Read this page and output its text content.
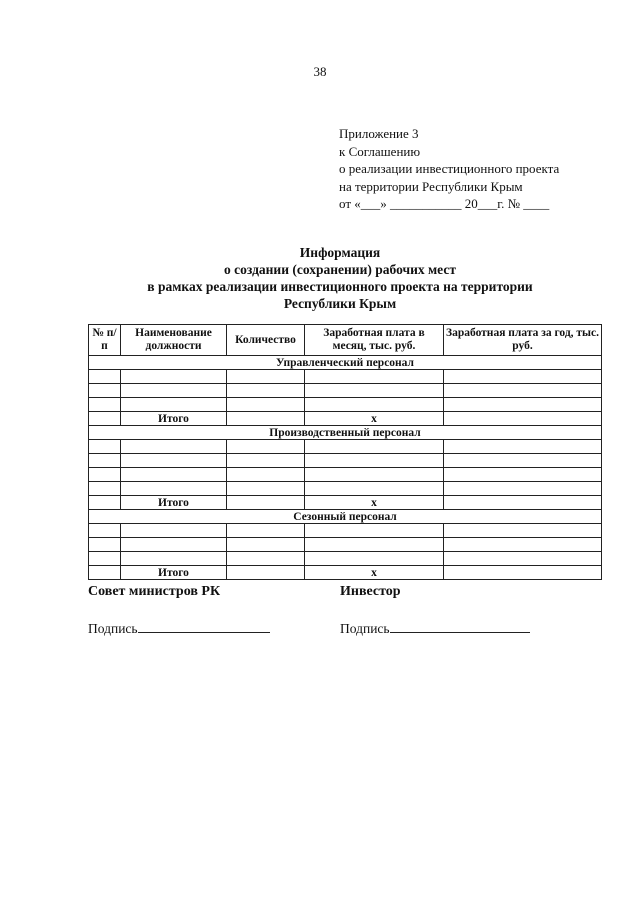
38
Приложение 3
к Соглашению
о реализации инвестиционного проекта
на территории Республики Крым
от «___» ___________ 20___г. № ____
Информация
о создании (сохранении) рабочих мест
в рамках реализации инвестиционного проекта на территории
Республики Крым
№ п/п	Наименование должности	Количество	Заработная плата в месяц, тыс. руб.	Заработная плата за год, тыс. руб.
Управленческий персонал				

	Итого		х	
Производственный персонал				

	Итого		х	
Сезонный персонал				

	Итого		х	
Совет министров РК	Инвестор
Подпись	Подпись
